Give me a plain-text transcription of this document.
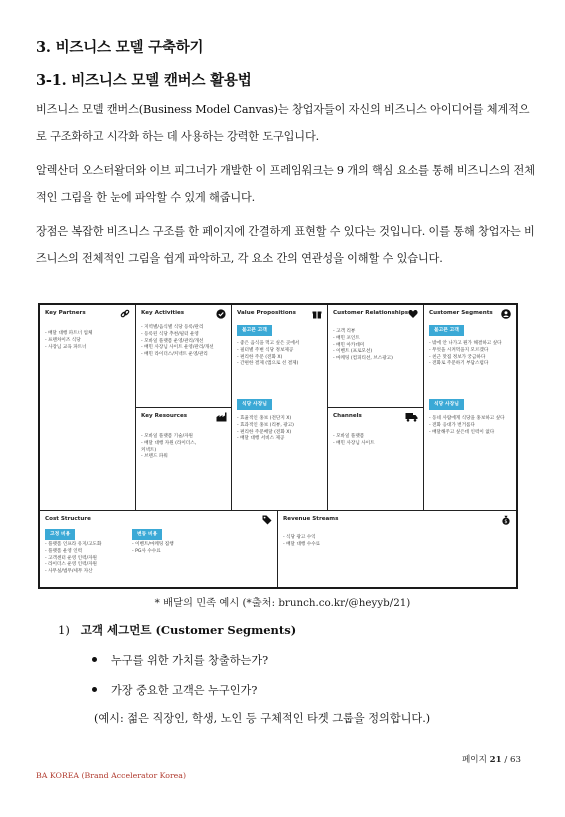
3. 비즈니스 모델 구축하기
3-1. 비즈니스 모델 캔버스 활용법

비즈니스 모델 캔버스(Business Model Canvas)는 창업자들이 자신의 비즈니스 아이디어를 체계적으로 구조화하고 시각화 하는 데 사용하는 강력한 도구입니다.

알렉산더 오스터왈더와 이브 피그너가 개발한 이 프레임워크는 9 개의 핵심 요소를 통해 비즈니스의 전체적인 그림을 한 눈에 파악할 수 있게 해줍니다.

장점은 복잡한 비즈니스 구조를 한 페이지에 간결하게 표현할 수 있다는 것입니다. 이를 통해 창업자는 비즈니스의 전체적인 그림을 쉽게 파악하고, 각 요소 간의 연관성을 이해할 수 있습니다.

Key Partners
- 배달 대행 파트너 업체
- 프랜차이즈 식당
- 사장님 교육 파트너
Key Activities
- 지역별/음식별 식당 등록/관리
- 등록된 식당 추천/필터 운영
- 모바일 플랫폼 운영/관리/개선
- 배민 사장님 사이트 운영/관리/개선
- 배민 라이더스/커넥트 운영/관리
Key Resources
- 모바일 플랫폼 기술/자원
- 배달 대행 자원 (라이더스,
커넥트)
- 브랜드 파워
Value Propositions
불고픈 고객
- 좋은 음식을 먹고 싶은 곳에서
- 필터별 주변 식당 정보제공
- 편리한 주문 (전화 X)
- 간편한 결제 (앱으로 선 결제)
식당 사장님
- 효율적인 홍보 (전단지 X)
- 효과적인 홍보 (리뷰, 광고)
- 편리한 주문배달 (전화 X)
- 배달 대행 서비스 제공
Customer Relationships
- 고객 리뷰
- 배민 포인트
- 배민 아카데미
- 이벤트 (프로모션)
- 마케팅 (컴피티션, 브스광고)
Channels
- 모바일 플랫폼
- 배민 사장님 사이트
Customer Segments
불고픈 고객
- 밖에 안 나가고 뭔가 해결하고 싶다
- 무엇을 시켜먹을지 모르겠다
- 친근 맛집 정보가 궁금하다
- 전화로 주문하기 부담스럽다
식당 사장님
- 동네 사람에게 식당을 홍보하고 싶다
- 전화 응대가 번거롭다
- 배달해주고 싶은데 인력이 없다
Cost Structure
고정 비용
- 플랫폼 인프라 유지/고도화
- 플랫폼 운영 인력
- 고객센터 운영 인력/자원
- 라이더스 운영 인력/자원
- 사무실/법무/세무 자산
변동 비용
- 이벤트/마케팅 집행
- PG사 수수료
Revenue Streams	$
- 식당 광고 수익
- 배달 대행 수수료
* 배달의 민족 예시 (*출처: brunch.co.kr/@heyyb/21)
1) 고객 세그먼트 (Customer Segments)
누구를 위한 가치를 창출하는가?
가장 중요한 고객은 누구인가?
(예시: 젊은 직장인, 학생, 노인 등 구체적인 타겟 그룹을 정의합니다.)
페이지 21 / 63
BA KOREA (Brand Accelerator Korea)
